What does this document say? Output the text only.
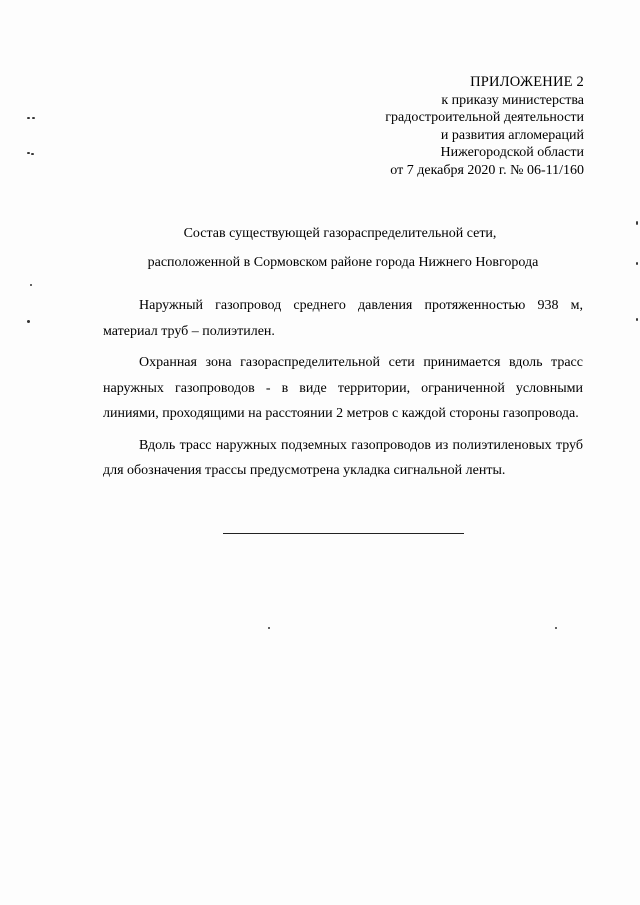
ПРИЛОЖЕНИЕ 2
к приказу министерства
градостроительной деятельности
и развития агломераций
Нижегородской области
от 7 декабря 2020 г. № 06-11/160
Состав существующей газораспределительной сети,
расположенной в Сормовском районе города Нижнего Новгорода

Наружный газопровод среднего давления протяженностью 938 м, материал труб – полиэтилен.

Охранная зона газораспределительной сети принимается вдоль трасс наружных газопроводов - в виде территории, ограниченной условными линиями, проходящими на расстоянии 2 метров с каждой стороны газопровода.

Вдоль трасс наружных подземных газопроводов из полиэтиленовых труб для обозначения трассы предусмотрена укладка сигнальной ленты.
